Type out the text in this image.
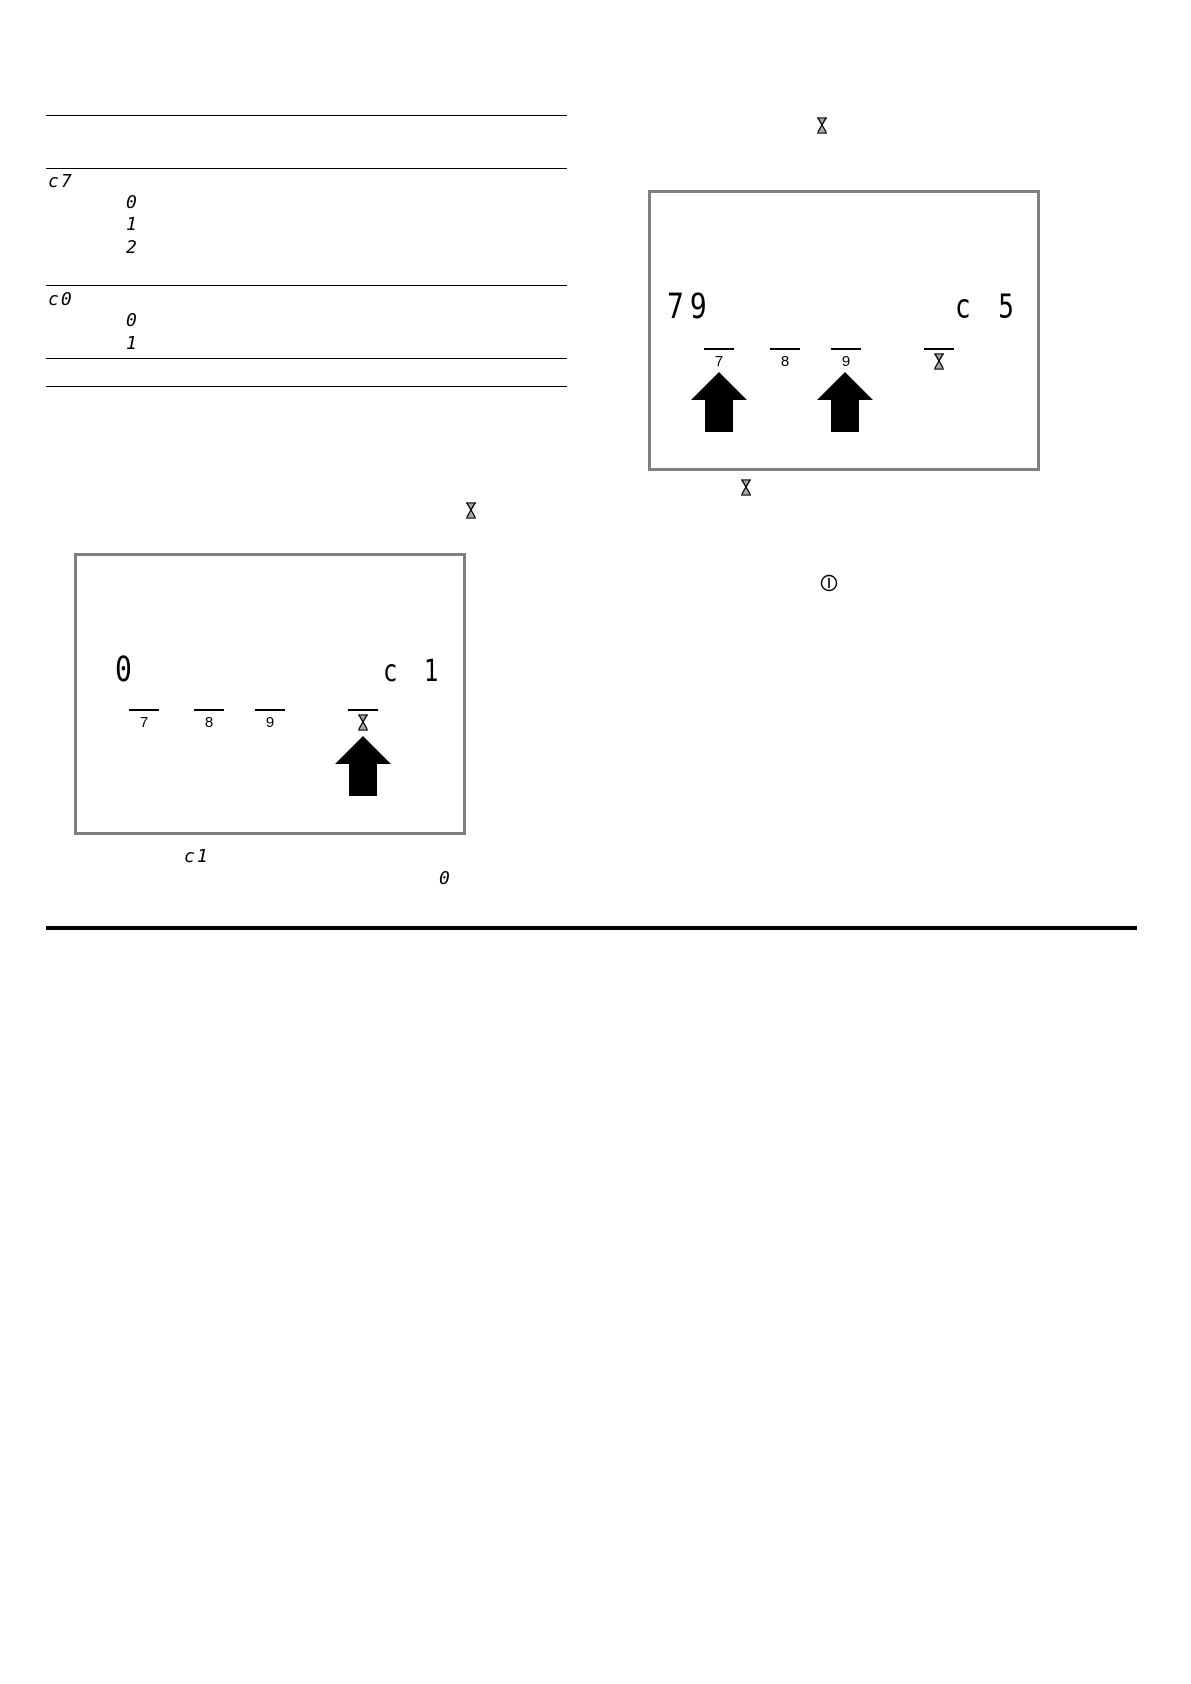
c7
0
1
2
c0
0
1
0	c 1
7	8	9
c1
0
79	c 5
7	8	9
